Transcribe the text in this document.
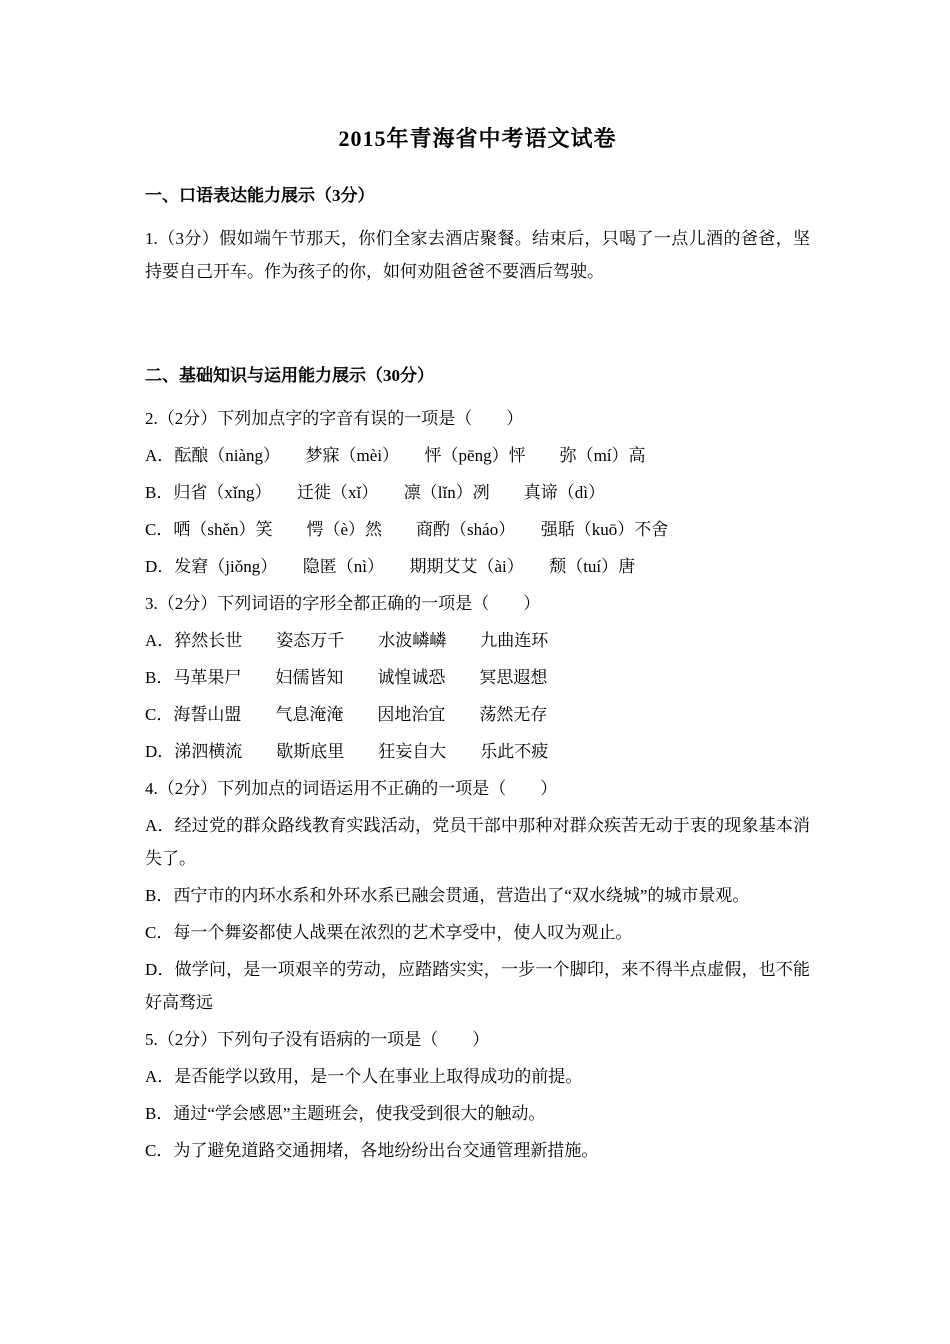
2015年青海省中考语文试卷
一、口语表达能力展示（3分）

1.（3分）假如端午节那天，你们全家去酒店聚餐。结束后，只喝了一点儿酒的爸爸，坚持要自己开车。作为孩子的你，如何劝阻爸爸不要酒后驾驶。

二、基础知识与运用能力展示（30分）

2.（2分）下列加点字的字音有误的一项是（　　）

A．酝酿（niàng）　　梦寐（mèi）　　怦（pēng）怦　　弥（mí）高

B．归省（xǐng）　　迁徙（xǐ）　　凛（lǐn）冽　　真谛（dì）

C．哂（shěn）笑　　愕（è）然　　商酌（sháo）　　强聒（kuō）不舍

D．发窘（jiǒng）　　隐匿（nì）　　期期艾艾（ài）　　颓（tuí）唐

3.（2分）下列词语的字形全都正确的一项是（　　）

A．猝然长世　　姿态万千　　水波嶙嶙　　九曲连环

B．马革果尸　　妇儒皆知　　诚惶诚恐　　冥思遐想

C．海誓山盟　　气息淹淹　　因地治宜　　荡然无存

D．涕泗横流　　歇斯底里　　狂妄自大　　乐此不疲

4.（2分）下列加点的词语运用不正确的一项是（　　）

A．经过党的群众路线教育实践活动，党员干部中那种对群众疾苦无动于衷的现象基本消失了。

B．西宁市的内环水系和外环水系已融会贯通，营造出了“双水绕城”的城市景观。

C．每一个舞姿都使人战栗在浓烈的艺术享受中，使人叹为观止。

D．做学问，是一项艰辛的劳动，应踏踏实实，一步一个脚印，来不得半点虚假，也不能好高骛远

5.（2分）下列句子没有语病的一项是（　　）

A．是否能学以致用，是一个人在事业上取得成功的前提。

B．通过“学会感恩”主题班会，使我受到很大的触动。

C．为了避免道路交通拥堵，各地纷纷出台交通管理新措施。
